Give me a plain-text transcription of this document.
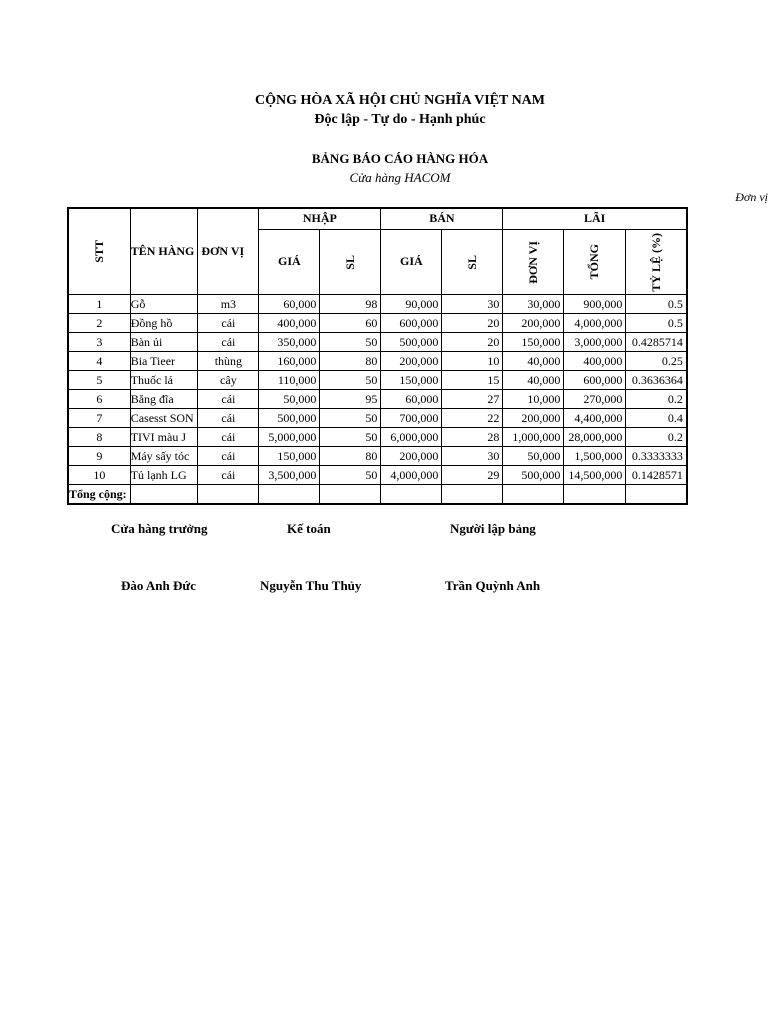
CỘNG HÒA XÃ HỘI CHỦ NGHĨA VIỆT NAM
Độc lập - Tự do - Hạnh phúc
BẢNG BÁO CÁO HÀNG HÓA
Cửa hàng HACOM
Đơn vị
STT	TÊN HÀNG	ĐƠN VỊ	NHẬP		BÁN		LÃI		
			GIÁ	SL	GIÁ	SL	ĐƠN VỊ	TỔNG	TỶ LỆ (%)

1	Gỗ	m3	60,000	98	90,000	30	30,000	900,000	0.5
2	Đồng hồ	cái	400,000	60	600,000	20	200,000	4,000,000	0.5
3	Bàn ủi	cái	350,000	50	500,000	20	150,000	3,000,000	0.4285714
4	Bia Tieer	thùng	160,000	80	200,000	10	40,000	400,000	0.25
5	Thuốc lá	cây	110,000	50	150,000	15	40,000	600,000	0.3636364
6	Băng đĩa	cái	50,000	95	60,000	27	10,000	270,000	0.2
7	Casesst SON	cái	500,000	50	700,000	22	200,000	4,400,000	0.4
8	TIVI màu J	cái	5,000,000	50	6,000,000	28	1,000,000	28,000,000	0.2
9	Máy sấy tóc	cái	150,000	80	200,000	30	50,000	1,500,000	0.3333333
10	Tủ lạnh LG	cái	3,500,000	50	4,000,000	29	500,000	14,500,000	0.1428571
Tổng cộng:									
Cửa hàng trưởng	Kế toán	Người lập bảng
Đào Anh Đức	Nguyễn Thu Thủy	Trần Quỳnh Anh
